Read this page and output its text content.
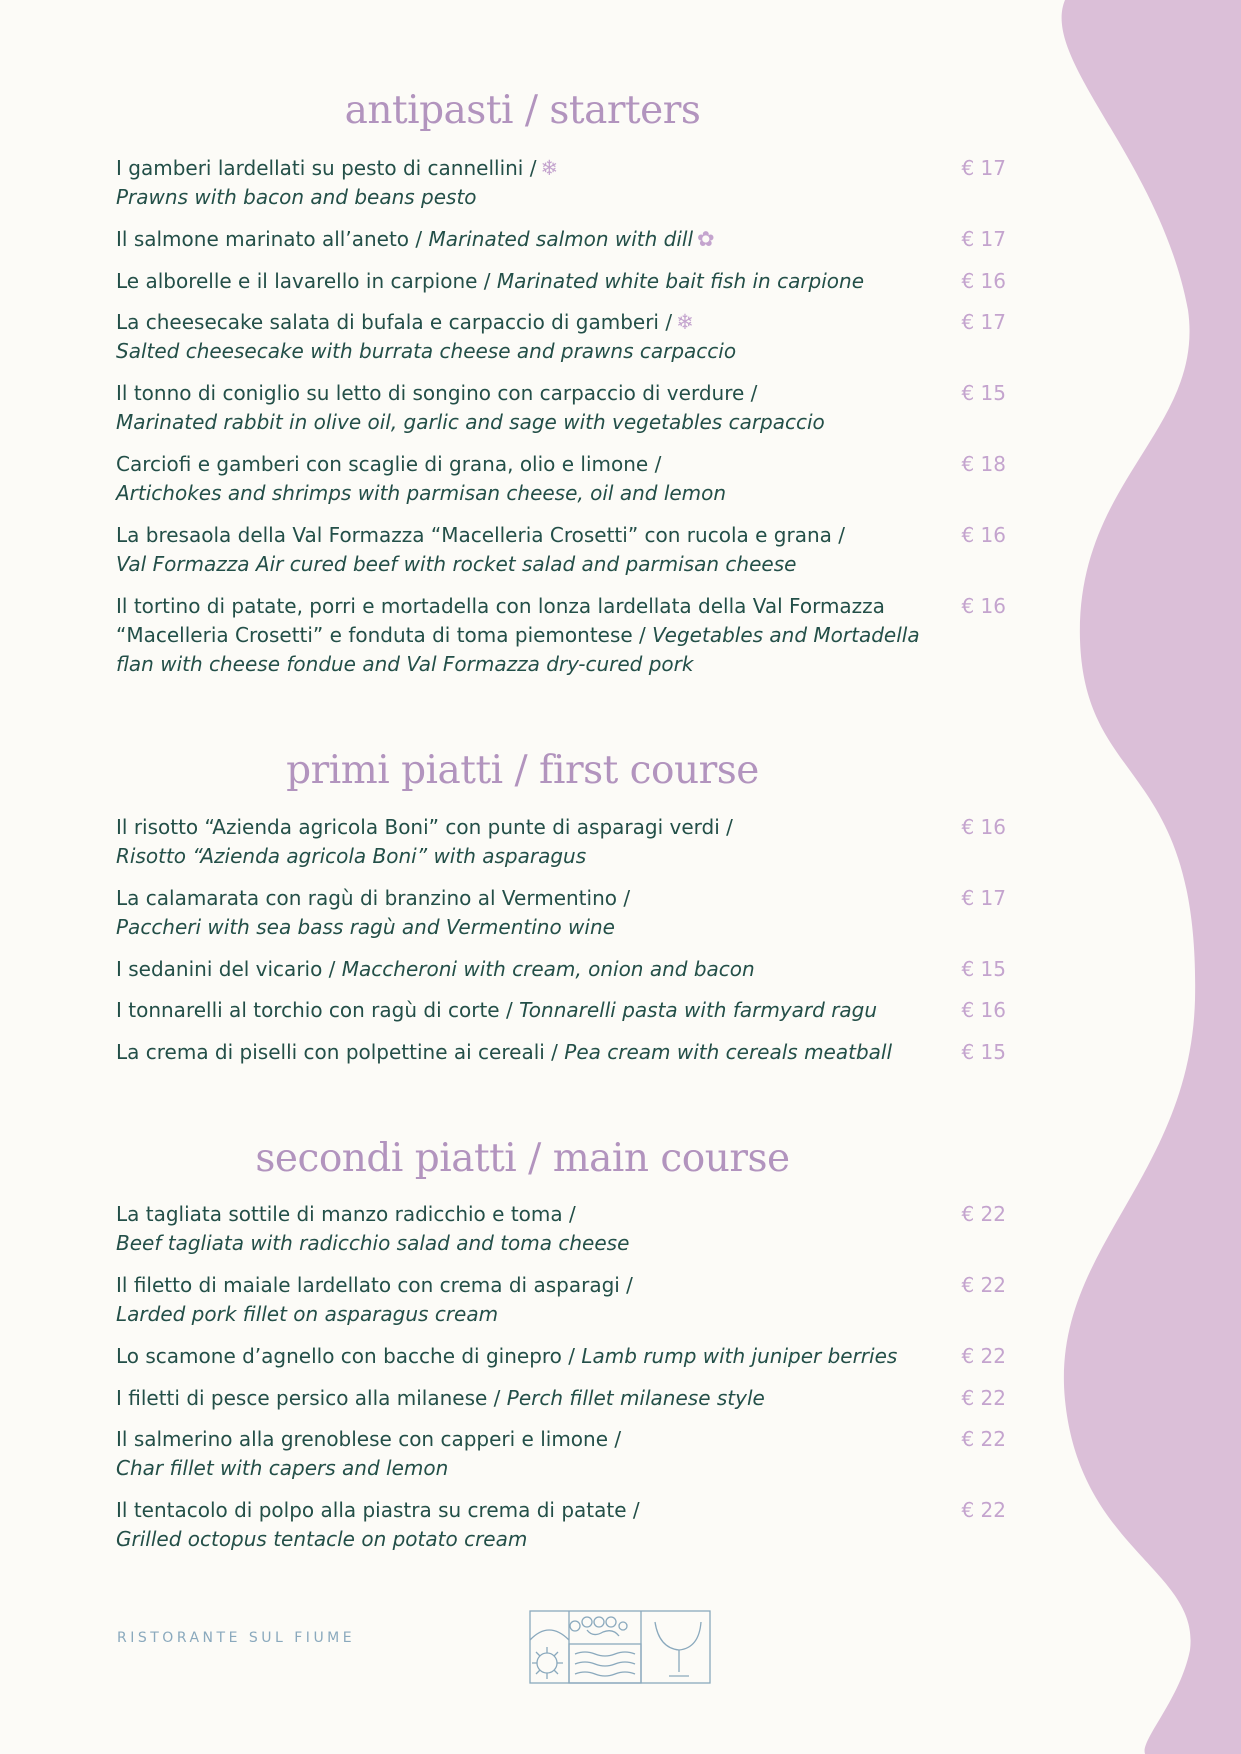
antipasti / starters
I gamberi lardellati su pesto di cannellini / ❄
Prawns with bacon and beans pesto
€ 17
Il salmone marinato all’aneto / Marinated salmon with dill ✿	€ 17
Le alborelle e il lavarello in carpione / Marinated white bait fish in carpione	€ 16
La cheesecake salata di bufala e carpaccio di gamberi / ❄
Salted cheesecake with burrata cheese and prawns carpaccio
€ 17
Il tonno di coniglio su letto di songino con carpaccio di verdure /
Marinated rabbit in olive oil, garlic and sage with vegetables carpaccio
€ 15
Carciofi e gamberi con scaglie di grana, olio e limone /
Artichokes and shrimps with parmisan cheese, oil and lemon
€ 18
La bresaola della Val Formazza “Macelleria Crosetti” con rucola e grana /
Val Formazza Air cured beef with rocket salad and parmisan cheese
€ 16
Il tortino di patate, porri e mortadella con lonza lardellata della Val Formazza “Macelleria Crosetti” e fonduta di toma piemontese / Vegetables and Mortadella flan with cheese fondue and Val Formazza dry-cured pork
€ 16
primi piatti / first course
Il risotto “Azienda agricola Boni” con punte di asparagi verdi /
Risotto “Azienda agricola Boni” with asparagus
€ 16
La calamarata con ragù di branzino al Vermentino /
Paccheri with sea bass ragù and Vermentino wine
€ 17
I sedanini del vicario / Maccheroni with cream, onion and bacon	€ 15
I tonnarelli al torchio con ragù di corte / Tonnarelli pasta with farmyard ragu	€ 16
La crema di piselli con polpettine ai cereali / Pea cream with cereals meatball	€ 15
secondi piatti / main course
La tagliata sottile di manzo radicchio e toma /
Beef tagliata with radicchio salad and toma cheese
€ 22
Il filetto di maiale lardellato con crema di asparagi /
Larded pork fillet on asparagus cream
€ 22
Lo scamone d’agnello con bacche di ginepro / Lamb rump with juniper berries	€ 22
I filetti di pesce persico alla milanese / Perch fillet milanese style	€ 22
Il salmerino alla grenoblese con capperi e limone /
Char fillet with capers and lemon
€ 22
Il tentacolo di polpo alla piastra su crema di patate /
Grilled octopus tentacle on potato cream
€ 22
RISTORANTE SUL FIUME
